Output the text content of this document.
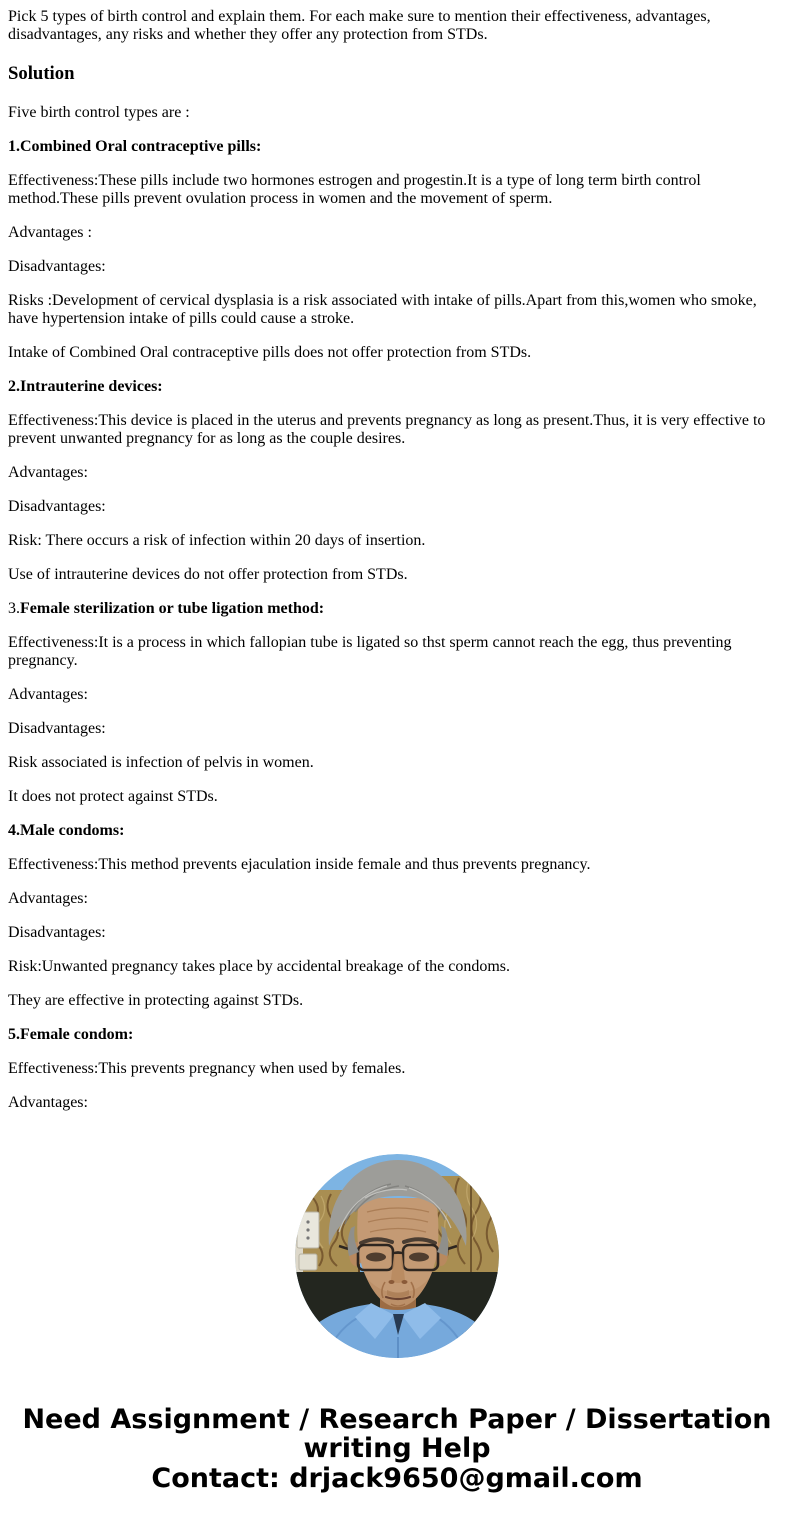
Pick 5 types of birth control and explain them. For each make sure to mention their effectiveness, advantages, disadvantages, any risks and whether they offer any protection from STDs.

Solution

Five birth control types are :

1.Combined Oral contraceptive pills:

Effectiveness:These pills include two hormones estrogen and progestin.It is a type of long term birth control method.These pills prevent ovulation process in women and the movement of sperm.

Advantages :

Disadvantages:

Risks :Development of cervical dysplasia is a risk associated with intake of pills.Apart from this,women who smoke, have hypertension intake of pills could cause a stroke.

Intake of Combined Oral contraceptive pills does not offer protection from STDs.

2.Intrauterine devices:

Effectiveness:This device is placed in the uterus and prevents pregnancy as long as present.Thus, it is very effective to prevent unwanted pregnancy for as long as the couple desires.

Advantages:

Disadvantages:

Risk: There occurs a risk of infection within 20 days of insertion.

Use of intrauterine devices do not offer protection from STDs.

3.Female sterilization or tube ligation method:

Effectiveness:It is a process in which fallopian tube is ligated so thst sperm cannot reach the egg, thus preventing pregnancy.

Advantages:

Disadvantages:

Risk associated is infection of pelvis in women.

It does not protect against STDs.

4.Male condoms:

Effectiveness:This method prevents ejaculation inside female and thus prevents pregnancy.

Advantages:

Disadvantages:

Risk:Unwanted pregnancy takes place by accidental breakage of the condoms.

They are effective in protecting against STDs.

5.Female condom:

Effectiveness:This prevents pregnancy when used by females.

Advantages:

Need Assignment / Research Paper / Dissertation
writing Help
Contact: drjack9650@gmail.com
